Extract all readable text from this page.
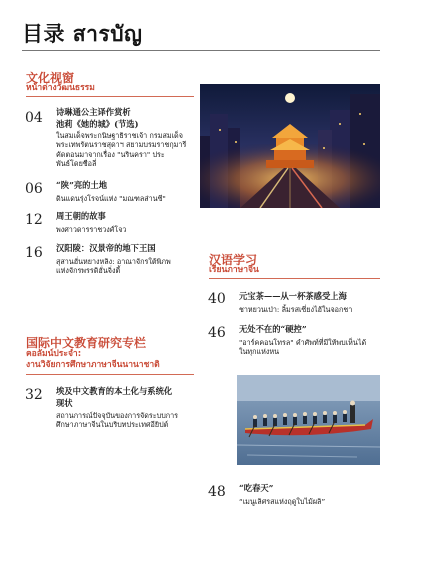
目录 สารบัญ
文化视窗
หน้าต่างวัฒนธรรม
04 诗琳通公主译作赏析
池莉《她的城》(节选)
ในสมเด็จพระกนิษฐาธิราชเจ้า กรมสมเด็จ
พระเทพรัตนราชสุดาฯ สยามบรมราชกุมารี
คัดตอนมาจากเรื่อง "นรินครา" ประ
พันธ์โดยชือลี่
06 “陕”亮的土地
ดินแดนรุ่งโรจน์แห่ง "มณฑลส่านซี"
12 周王朝的故事
พงศาวดารราชวงศ์โจว
16 汉阳陵：汉景帝的地下王国
สุสานฮั่นหยางหลิง: อาณาจักรใต้พิภพ
แห่งจักรพรรดิฮั่นจิ่งตี้
汉语学习
เรียนภาษาจีน
40 元宝茶——从一杯茶感受上海
ชาหยวนเป่า: ลิ้มรสเซี่ยงไฮ้ในจอกชา
46 无处不在的“硬控”
"อาร์คคอนโทรล" คำศัพท์ที่มีให้พบเห็นได้
ในทุกแห่งหน
国际中文教育研究专栏
คอลัมน์ประจำ:
งานวิจัยการศึกษาภาษาจีนนานาชาติ
32 埃及中文教育的本土化与系统化
现状
สถานการณ์ปัจจุบันของการจัดระบบการ
ศึกษาภาษาจีนในบริบทประเทศอียิปต์
48 “吃春天”
“เมนูเลิศรสแห่งฤดูใบไม้ผลิ”
